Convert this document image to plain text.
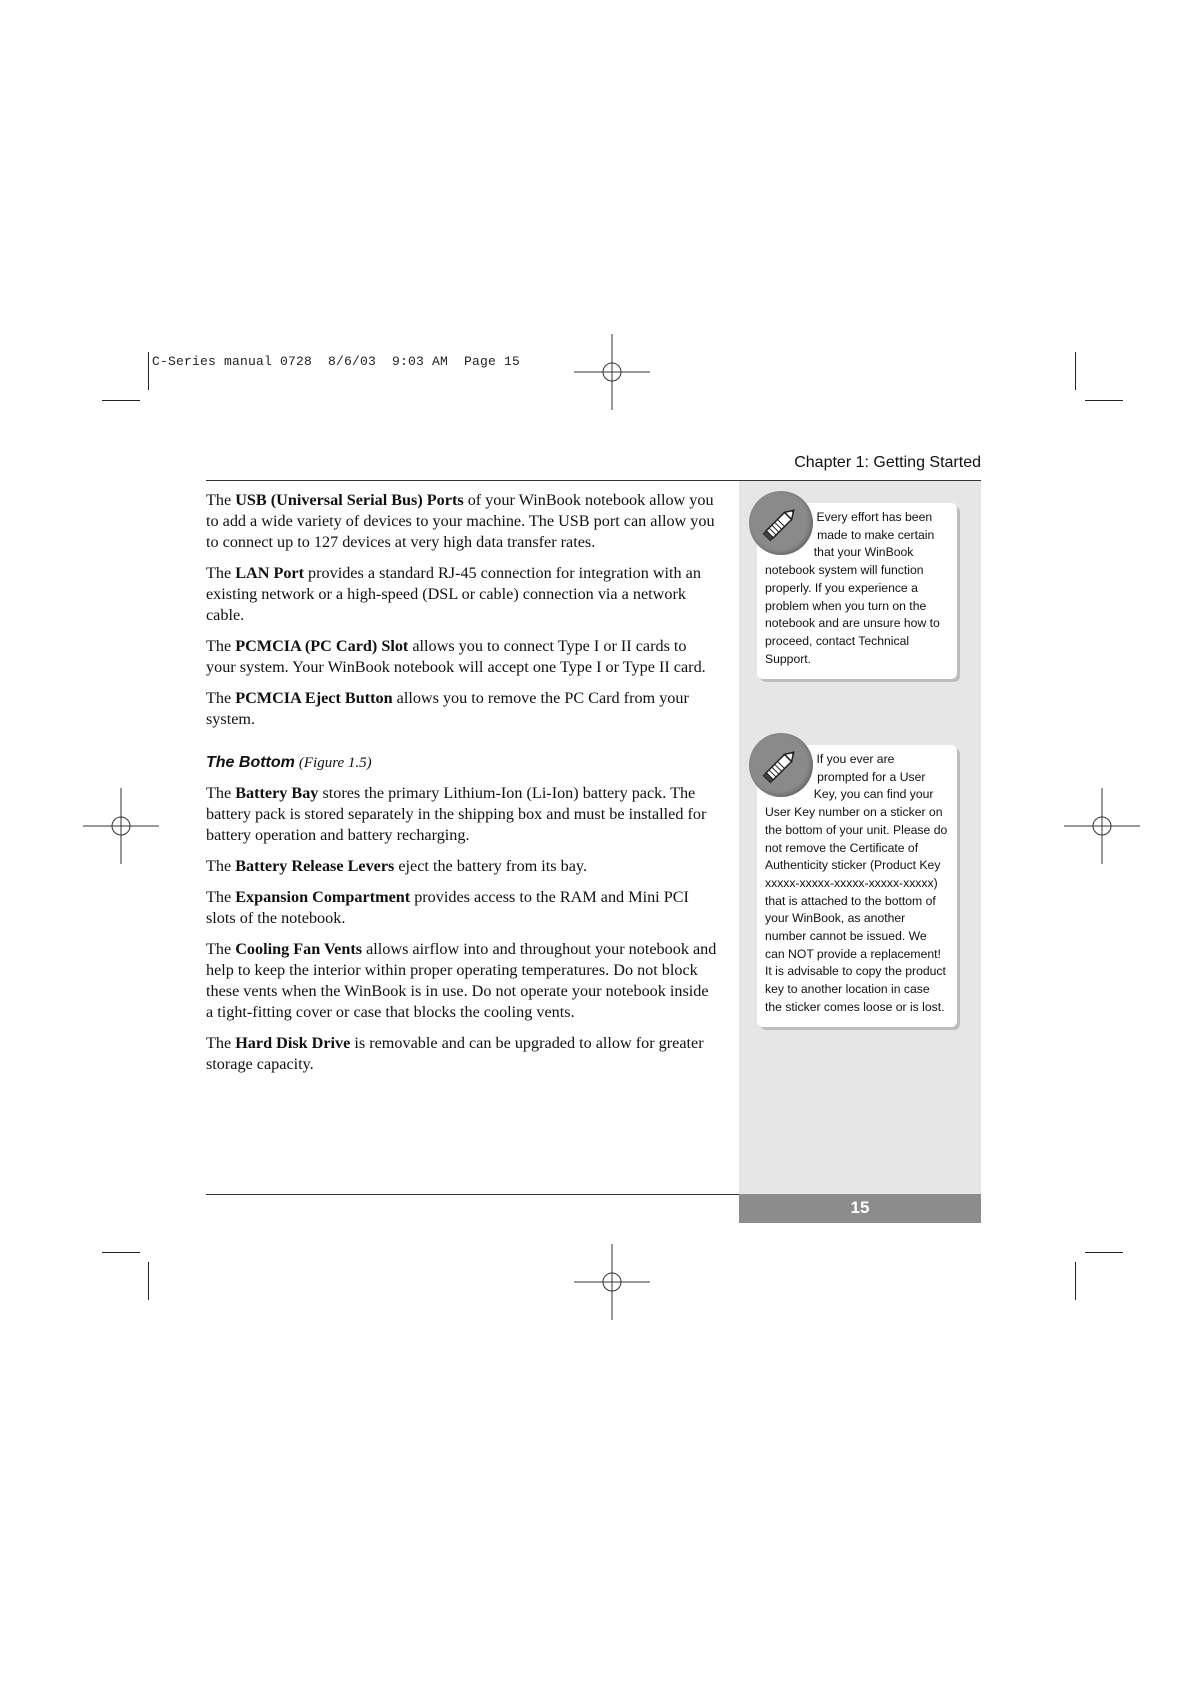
C-Series manual 0728  8/6/03  9:03 AM  Page 15
Chapter 1: Getting Started

The USB (Universal Serial Bus) Ports of your WinBook notebook allow you to add a wide variety of devices to your machine. The USB port can allow you to connect up to 127 devices at very high data transfer rates.

The LAN Port provides a standard RJ-45 connection for integration with an existing network or a high-speed (DSL or cable) connection via a network cable.

The PCMCIA (PC Card) Slot allows you to connect Type I or II cards to your system. Your WinBook notebook will accept one Type I or Type II card.

The PCMCIA Eject Button allows you to remove the PC Card from your system.

The Bottom (Figure 1.5)

The Battery Bay stores the primary Lithium-Ion (Li-Ion) battery pack. The battery pack is stored separately in the shipping box and must be installed for battery operation and battery recharging.

The Battery Release Levers eject the battery from its bay.

The Expansion Compartment provides access to the RAM and Mini PCI slots of the notebook.

The Cooling Fan Vents allows airflow into and throughout your notebook and help to keep the interior within proper operating temperatures. Do not block these vents when the WinBook is in use. Do not operate your notebook inside a tight-fitting cover or case that blocks the cooling vents.

The Hard Disk Drive is removable and can be upgraded to allow for greater storage capacity.

Every effort has been made to make certain that your WinBook notebook system will function properly. If you experience a problem when you turn on the notebook and are unsure how to proceed, contact Technical Support.
If you ever are prompted for a User Key, you can find your User Key number on a sticker on the bottom of your unit. Please do not remove the Certificate of Authenticity sticker (Product Key xxxxx-xxxxx-xxxxx-xxxxx-xxxxx) that is attached to the bottom of your WinBook, as another number cannot be issued. We can NOT provide a replacement! It is advisable to copy the product key to another location in case the sticker comes loose or is lost.
15
